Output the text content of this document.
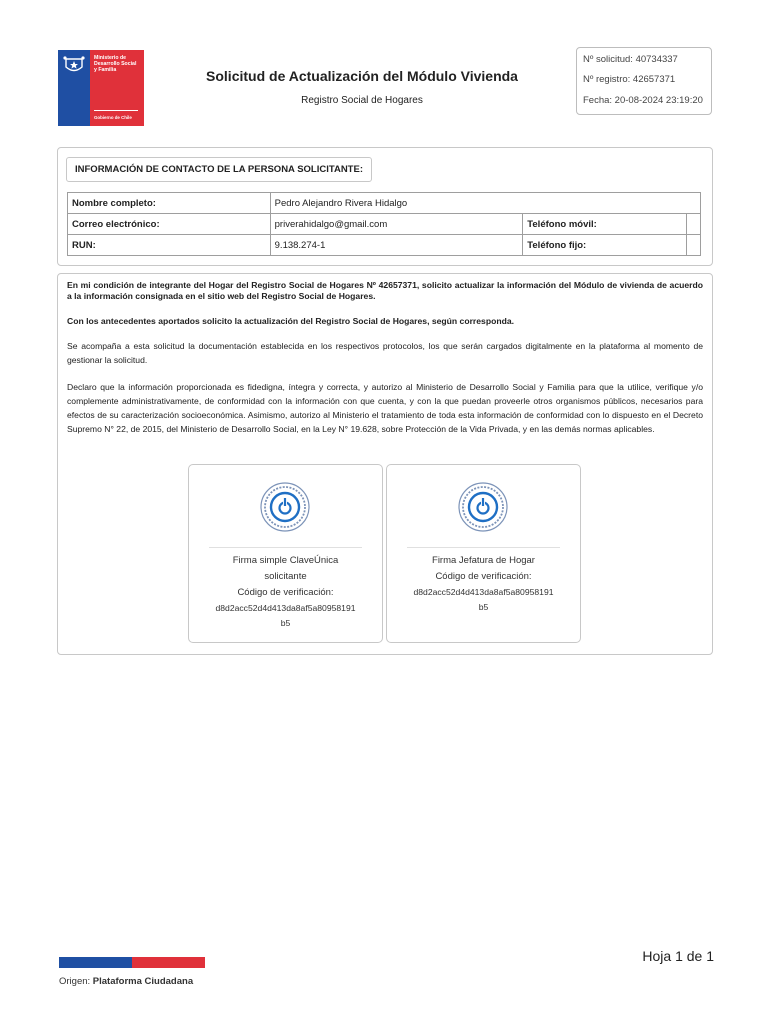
Ministerio de Desarrollo Social y Familia
Gobierno de Chile
Solicitud de Actualización del Módulo Vivienda
Registro Social de Hogares
Nº solicitud: 40734337
Nº registro: 42657371
Fecha: 20-08-2024 23:19:20
INFORMACIÓN DE CONTACTO DE LA PERSONA SOLICITANTE:
Nombre completo:	Pedro Alejandro Rivera Hidalgo		
Correo electrónico:	priverahidalgo@gmail.com	Teléfono móvil:	
RUN:	9.138.274-1	Teléfono fijo:	
En mi condición de integrante del Hogar del Registro Social de Hogares Nº 42657371, solicito actualizar la información del Módulo de vivienda de acuerdo a la información consignada en el sitio web del Registro Social de Hogares.
Con los antecedentes aportados solicito la actualización del Registro Social de Hogares, según corresponda.
Se acompaña a esta solicitud la documentación establecida en los respectivos protocolos, los que serán cargados digitalmente en la plataforma al momento de gestionar la solicitud.
Declaro que la información proporcionada es fidedigna, íntegra y correcta, y autorizo al Ministerio de Desarrollo Social y Familia para que la utilice, verifique y/o complemente administrativamente, de conformidad con la información con que cuenta, y con la que puedan proveerle otros organismos públicos, necesarios para efectos de su caracterización socioeconómica. Asimismo, autorizo al Ministerio el tratamiento de toda esta información de conformidad con lo dispuesto en el Decreto Supremo N° 22, de 2015, del Ministerio de Desarrollo Social, en la Ley N° 19.628, sobre Protección de la Vida Privada, y en las demás normas aplicables.
Firma simple ClaveÚnica
solicitante
Código de verificación:
d8d2acc52d4d413da8af5a80958191
b5
Firma Jefatura de Hogar
Código de verificación:
d8d2acc52d4d413da8af5a80958191
b5
Hoja 1 de 1
Origen: Plataforma Ciudadana
